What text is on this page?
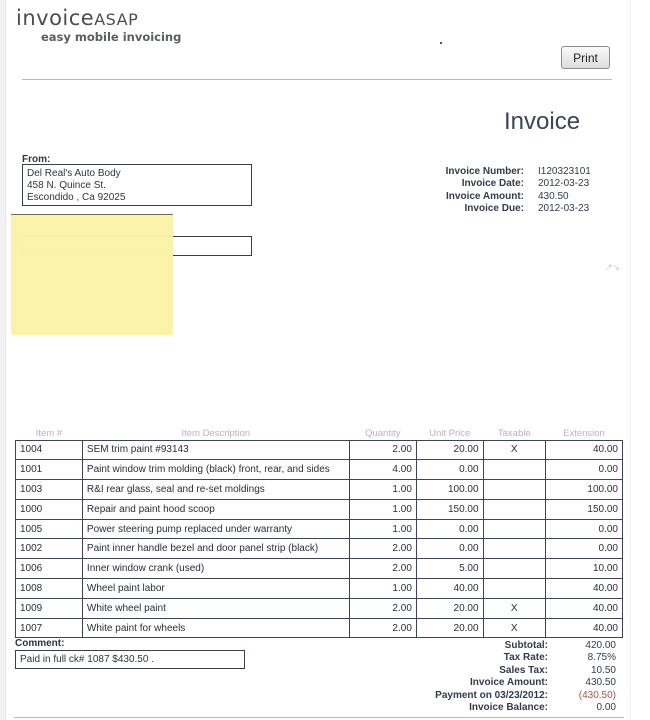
invoiceASAP
easy mobile invoicing
Print
Invoice
From:
Del Real's Auto Body
458 N. Quince St.
Escondido , Ca 92025
Invoice Number: I120323101
Invoice Date: 2012-03-23
Invoice Amount: 430.50
Invoice Due: 2012-03-23
↗↘
Item #	Item Description	Quantity	Unit Price	Taxable	Extension
1004	SEM trim paint #93143	2.00	20.00	X	40.00
1001	Paint window trim molding (black) front, rear, and sides	4.00	0.00		0.00
1003	R&I rear glass, seal and re-set moldings	1.00	100.00		100.00
1000	Repair and paint hood scoop	1.00	150.00		150.00
1005	Power steering pump replaced under warranty	1.00	0.00		0.00
1002	Paint inner handle bezel and door panel strip (black)	2.00	0.00		0.00
1006	Inner window crank (used)	2.00	5.00		10.00
1008	Wheel paint labor	1.00	40.00		40.00
1009	White wheel paint	2.00	20.00	X	40.00
1007	White paint for wheels	2.00	20.00	X	40.00
Comment:
Paid in full ck# 1087 $430.50 .
Subtotal:	420.00
Tax Rate:	8.75%
Sales Tax:	10.50
Invoice Amount:	430.50
Payment on 03/23/2012:	(430.50)
Invoice Balance:	0.00
